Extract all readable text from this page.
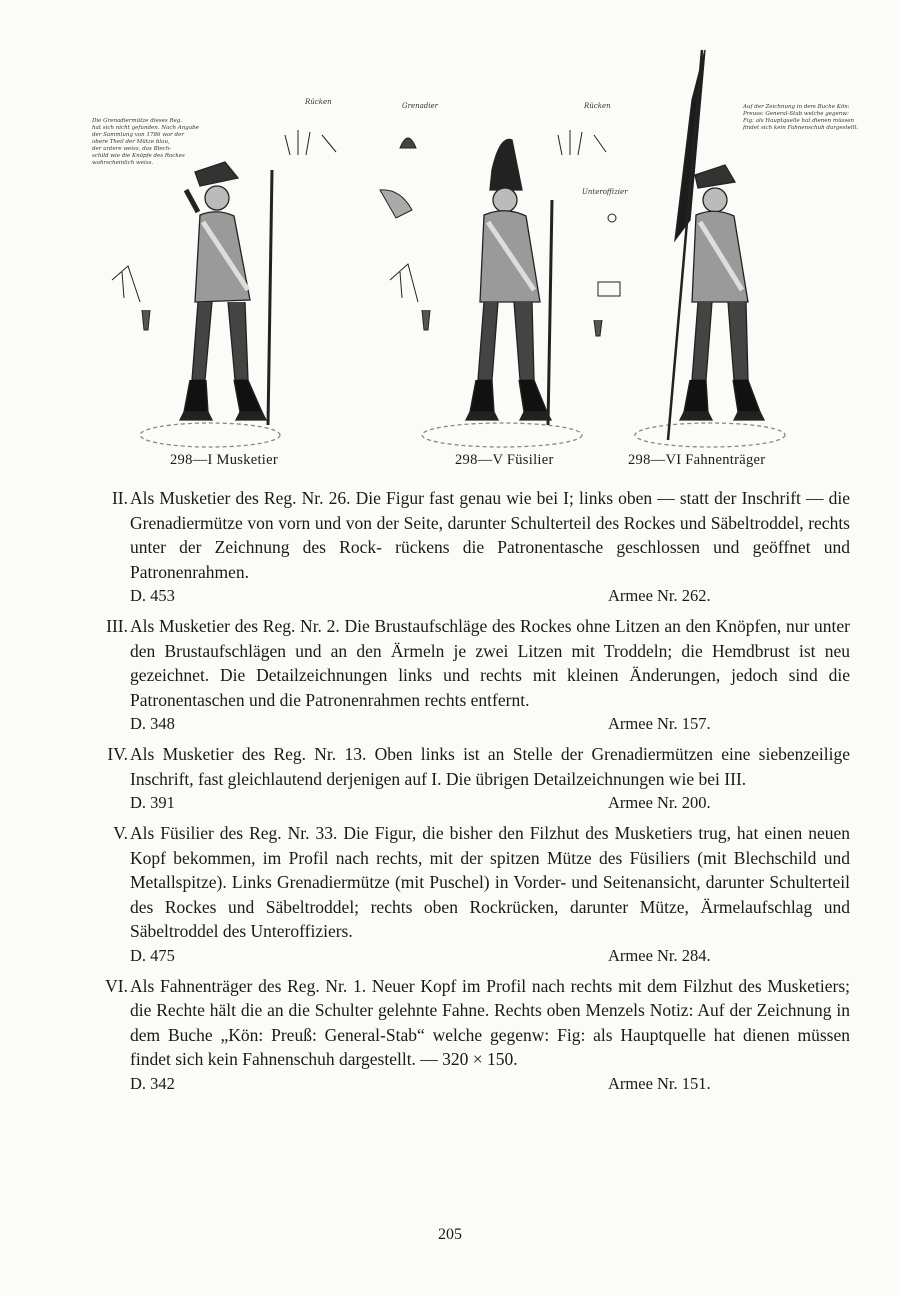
Die Grenadiermütze dieses Reg.
hat sich nicht gefunden. Nach Angabe
der Sammlung von 1786 war der
obere Theil der Mütze blau,
der untere weiss, das Blech-
schild wie die Knöpfe des Rockes
wahrscheinlich weiss.
Auf der Zeichnung in dem Buche Kön:
Preuss: General-Stab welche gegenw:
Fig: als Hauptquelle hat dienen müssen
findet sich kein Fahnenschuh dargestellt.
Rücken	Grenadier	Rücken
Unteroffizier
298—I Musketier	298—V Füsilier	298—VI Fahnenträger
II. Als Musketier des Reg. Nr. 26. Die Figur fast genau wie bei I; links oben — statt der Inschrift — die Grenadiermütze von vorn und von der Seite, darunter Schulterteil des Rockes und Säbeltroddel, rechts unter der Zeichnung des Rock- rückens die Patronentasche geschlossen und geöffnet und Patronenrahmen.
D. 453	Armee Nr. 262.
III. Als Musketier des Reg. Nr. 2. Die Brustaufschläge des Rockes ohne Litzen an den Knöpfen, nur unter den Brustaufschlägen und an den Ärmeln je zwei Litzen mit Troddeln; die Hemdbrust ist neu gezeichnet. Die Detailzeichnungen links und rechts mit kleinen Änderungen, jedoch sind die Patronentaschen und die Patronenrahmen rechts entfernt.
D. 348	Armee Nr. 157.
IV. Als Musketier des Reg. Nr. 13. Oben links ist an Stelle der Grenadiermützen eine siebenzeilige Inschrift, fast gleichlautend derjenigen auf I. Die übrigen Detailzeichnungen wie bei III.
D. 391	Armee Nr. 200.
V. Als Füsilier des Reg. Nr. 33. Die Figur, die bisher den Filzhut des Musketiers trug, hat einen neuen Kopf bekommen, im Profil nach rechts, mit der spitzen Mütze des Füsiliers (mit Blechschild und Metallspitze). Links Grenadiermütze (mit Puschel) in Vorder- und Seitenansicht, darunter Schulterteil des Rockes und Säbeltroddel; rechts oben Rockrücken, darunter Mütze, Ärmelaufschlag und Säbeltroddel des Unteroffiziers.
D. 475	Armee Nr. 284.
VI. Als Fahnenträger des Reg. Nr. 1. Neuer Kopf im Profil nach rechts mit dem Filzhut des Musketiers; die Rechte hält die an die Schulter gelehnte Fahne. Rechts oben Menzels Notiz: Auf der Zeichnung in dem Buche „Kön: Preuß: General-Stab“ welche gegenw: Fig: als Hauptquelle hat dienen müssen findet sich kein Fahnenschuh dargestellt. — 320 × 150.
D. 342	Armee Nr. 151.
205
